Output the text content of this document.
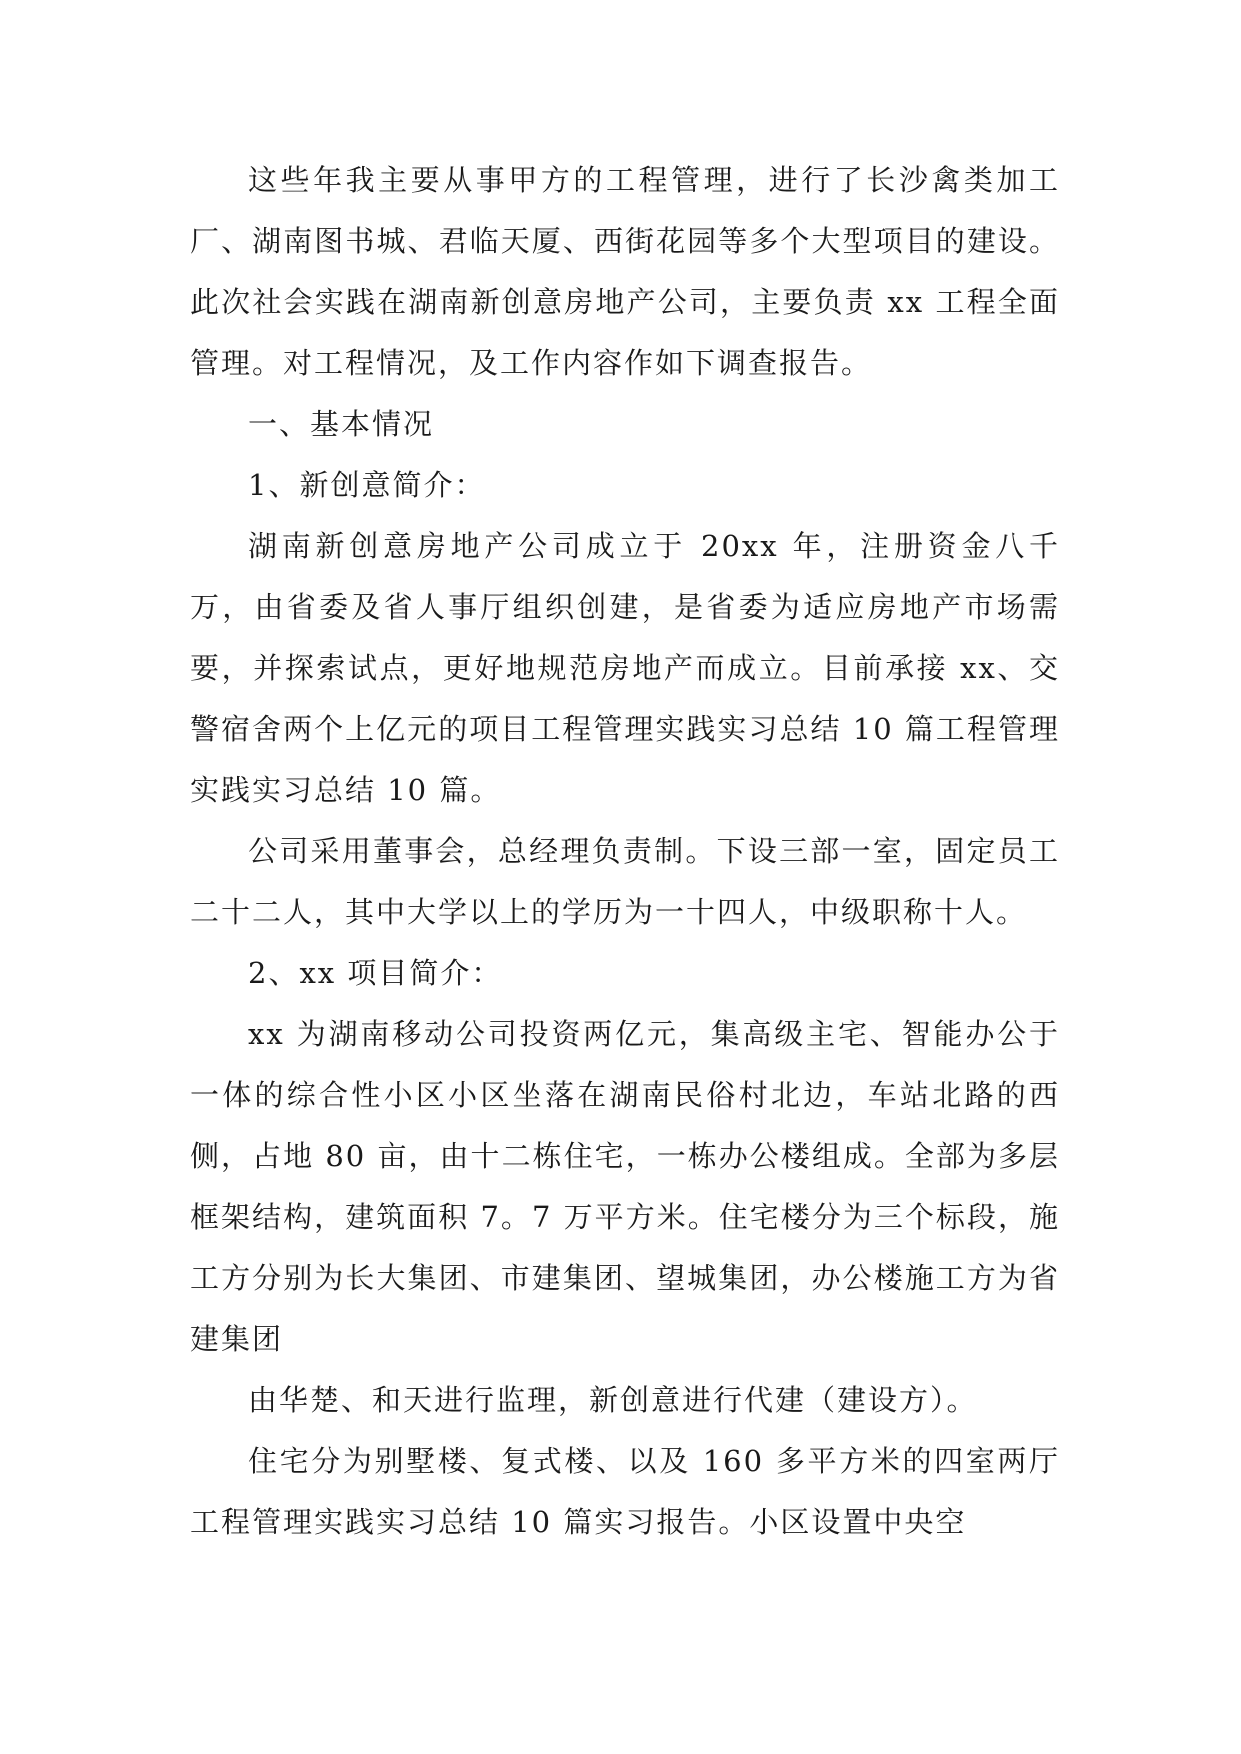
这些年我主要从事甲方的工程管理，进行了长沙禽类加工厂、湖南图书城、君临天厦、西街花园等多个大型项目的建设。此次社会实践在湖南新创意房地产公司，主要负责 xx 工程全面管理。对工程情况，及工作内容作如下调查报告。

一、基本情况

1、新创意简介：

湖南新创意房地产公司成立于 20xx 年，注册资金八千万，由省委及省人事厅组织创建，是省委为适应房地产市场需要，并探索试点，更好地规范房地产而成立。目前承接 xx、交警宿舍两个上亿元的项目工程管理实践实习总结 10 篇工程管理实践实习总结 10 篇。

公司采用董事会，总经理负责制。下设三部一室，固定员工二十二人，其中大学以上的学历为一十四人，中级职称十人。

2、xx 项目简介：

xx 为湖南移动公司投资两亿元，集高级主宅、智能办公于一体的综合性小区小区坐落在湖南民俗村北边，车站北路的西侧，占地 80 亩，由十二栋住宅，一栋办公楼组成。全部为多层框架结构，建筑面积 7。7 万平方米。住宅楼分为三个标段，施工方分别为长大集团、市建集团、望城集团，办公楼施工方为省建集团

由华楚、和天进行监理，新创意进行代建（建设方）。

住宅分为别墅楼、复式楼、以及 160 多平方米的四室两厅工程管理实践实习总结 10 篇实习报告。小区设置中央空
